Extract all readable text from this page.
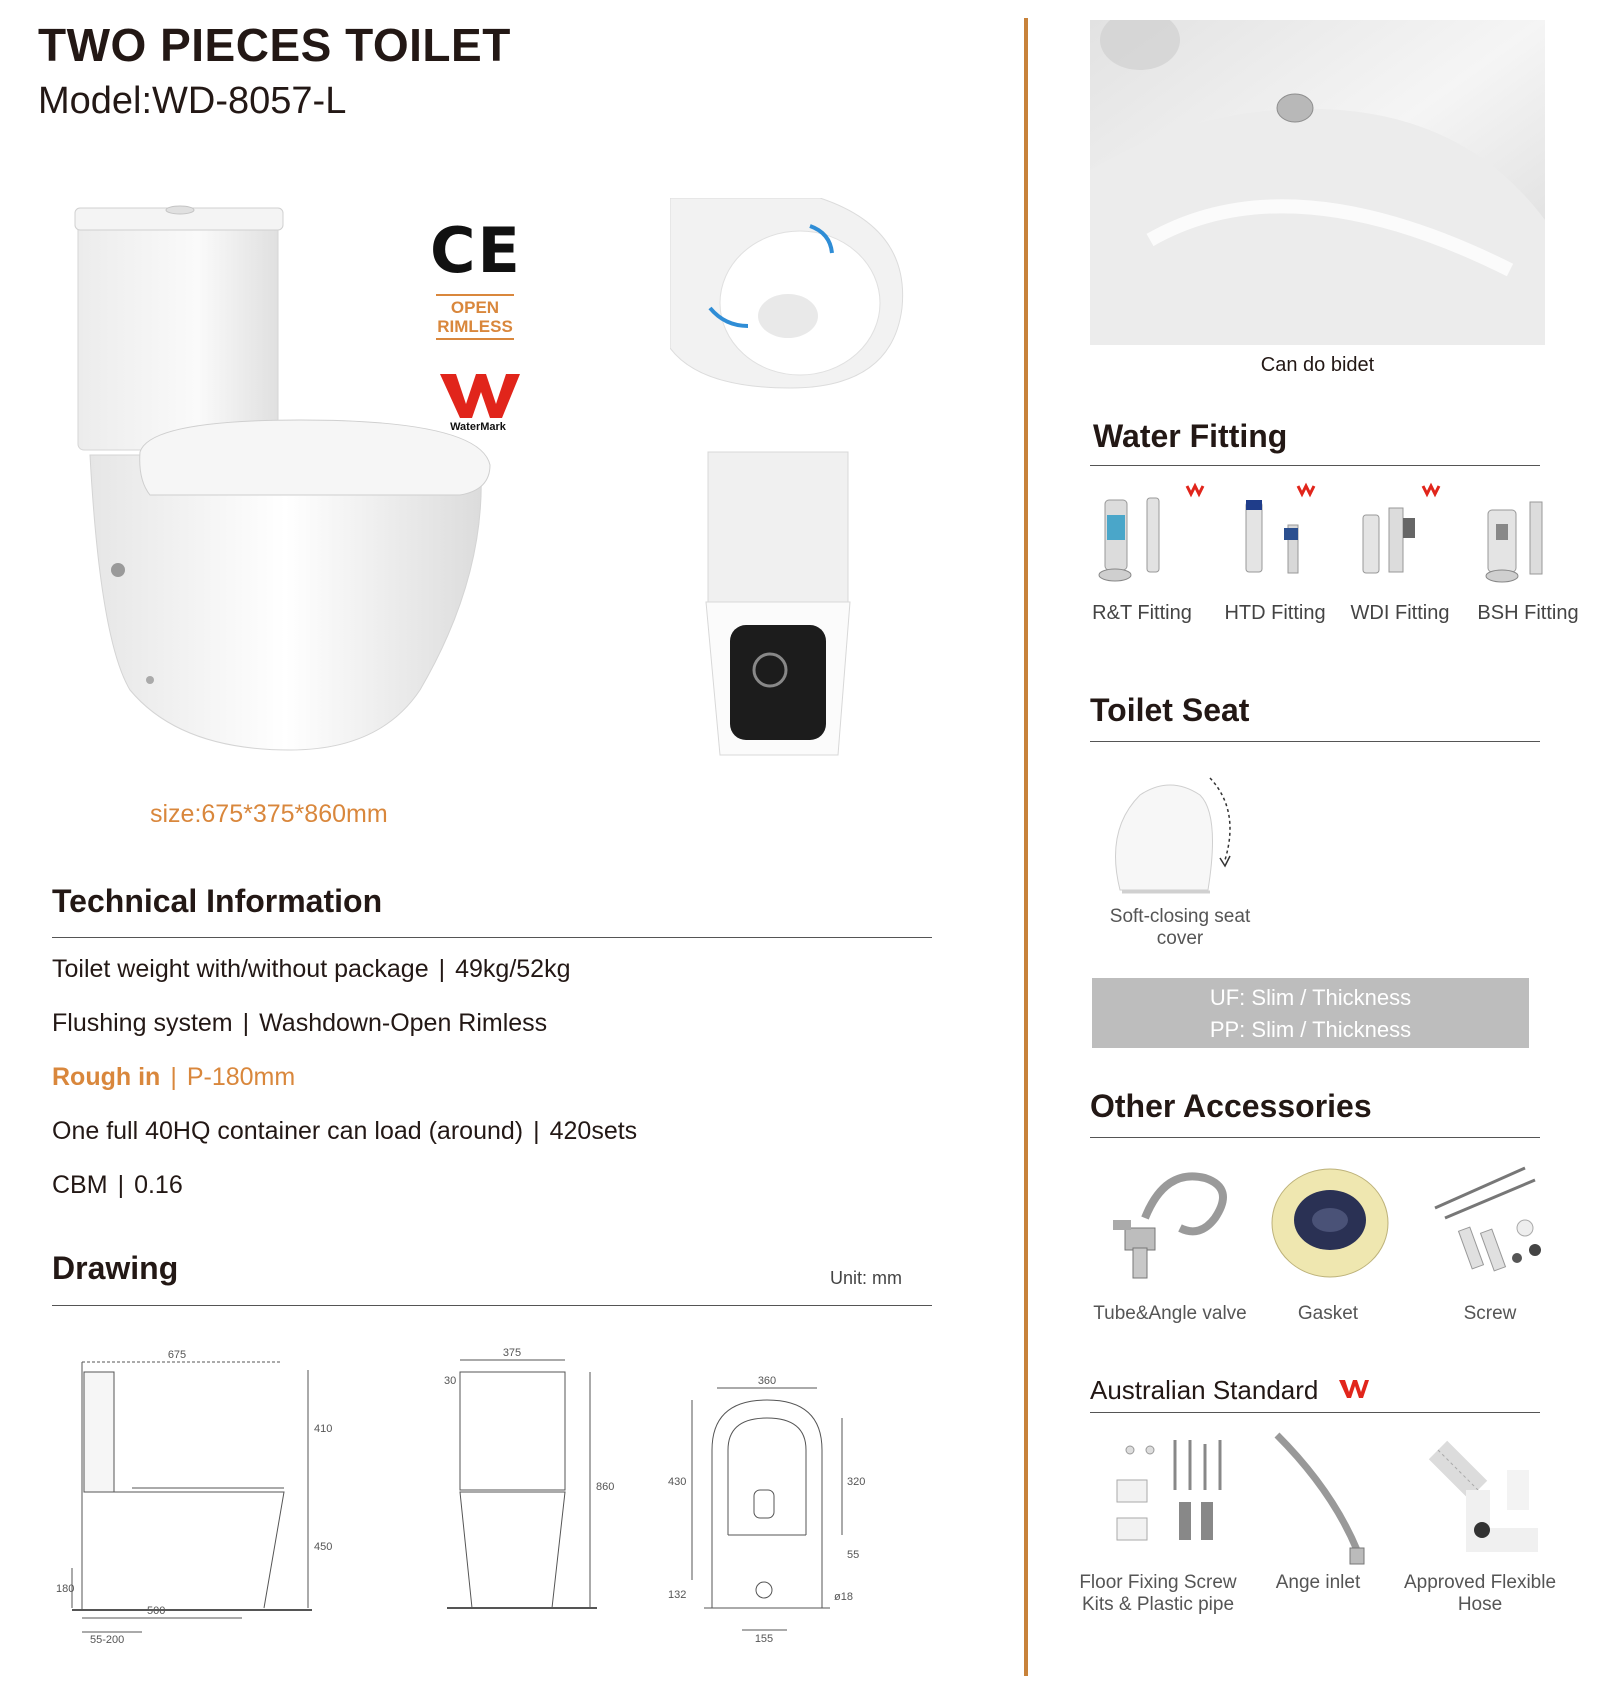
TWO PIECES TOILET
Model:WD-8057-L
CE
OPEN
RIMLESS
WaterMark
size:675*375*860mm
Technical Information
Toilet weight with/without package | 49kg/52kg
Flushing system | Washdown-Open Rimless
Rough in | P-180mm
One full 40HQ container can load (around) | 420sets
CBM | 0.16
Drawing	Unit: mm
675
410
450
180
500
55-200
375
30
860
360
430	320
55
132	ø18
155
Can do bidet
Water Fitting
R&T Fitting	HTD Fitting	WDI Fitting	BSH Fitting
Toilet Seat
Soft-closing seat cover
UF: Slim / Thickness
PP: Slim / Thickness
Other Accessories
Tube&Angle valve	Gasket	Screw
Australian Standard
Floor Fixing Screw Kits & Plastic pipe
Ange inlet	Approved Flexible Hose
